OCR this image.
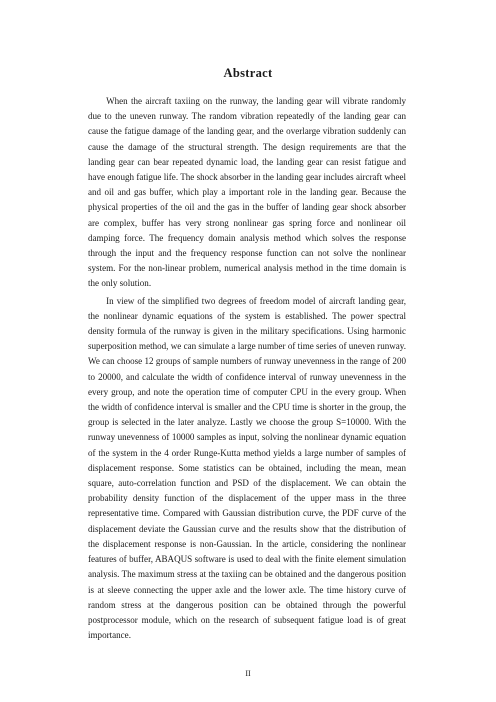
Abstract

When the aircraft taxiing on the runway, the landing gear will vibrate randomly due to the uneven runway. The random vibration repeatedly of the landing gear can cause the fatigue damage of the landing gear, and the overlarge vibration suddenly can cause the damage of the structural strength. The design requirements are that the landing gear can bear repeated dynamic load, the landing gear can resist fatigue and have enough fatigue life. The shock absorber in the landing gear includes aircraft wheel and oil and gas buffer, which play a important role in the landing gear. Because the physical properties of the oil and the gas in the buffer of landing gear shock absorber are complex, buffer has very strong nonlinear gas spring force and nonlinear oil damping force. The frequency domain analysis method which solves the response through the input and the frequency response function can not solve the nonlinear system. For the non-linear problem, numerical analysis method in the time domain is the only solution.

In view of the simplified two degrees of freedom model of aircraft landing gear, the nonlinear dynamic equations of the system is established. The power spectral density formula of the runway is given in the military specifications. Using harmonic superposition method, we can simulate a large number of time series of uneven runway. We can choose 12 groups of sample numbers of runway unevenness in the range of 200 to 20000, and calculate the width of confidence interval of runway unevenness in the every group, and note the operation time of computer CPU in the every group. When the width of confidence interval is smaller and the CPU time is shorter in the group, the group is selected in the later analyze. Lastly we choose the group S=10000. With the runway unevenness of 10000 samples as input, solving the nonlinear dynamic equation of the system in the 4 order Runge-Kutta method yields a large number of samples of displacement response. Some statistics can be obtained, including the mean, mean square, auto-correlation function and PSD of the displacement. We can obtain the probability density function of the displacement of the upper mass in the three representative time. Compared with Gaussian distribution curve, the PDF curve of the displacement deviate the Gaussian curve and the results show that the distribution of the displacement response is non-Gaussian. In the article, considering the nonlinear features of buffer, ABAQUS software is used to deal with the finite element simulation analysis. The maximum stress at the taxiing can be obtained and the dangerous position is at sleeve connecting the upper axle and the lower axle. The time history curve of random stress at the dangerous position can be obtained through the powerful postprocessor module, which on the research of subsequent fatigue load is of great importance.

II
